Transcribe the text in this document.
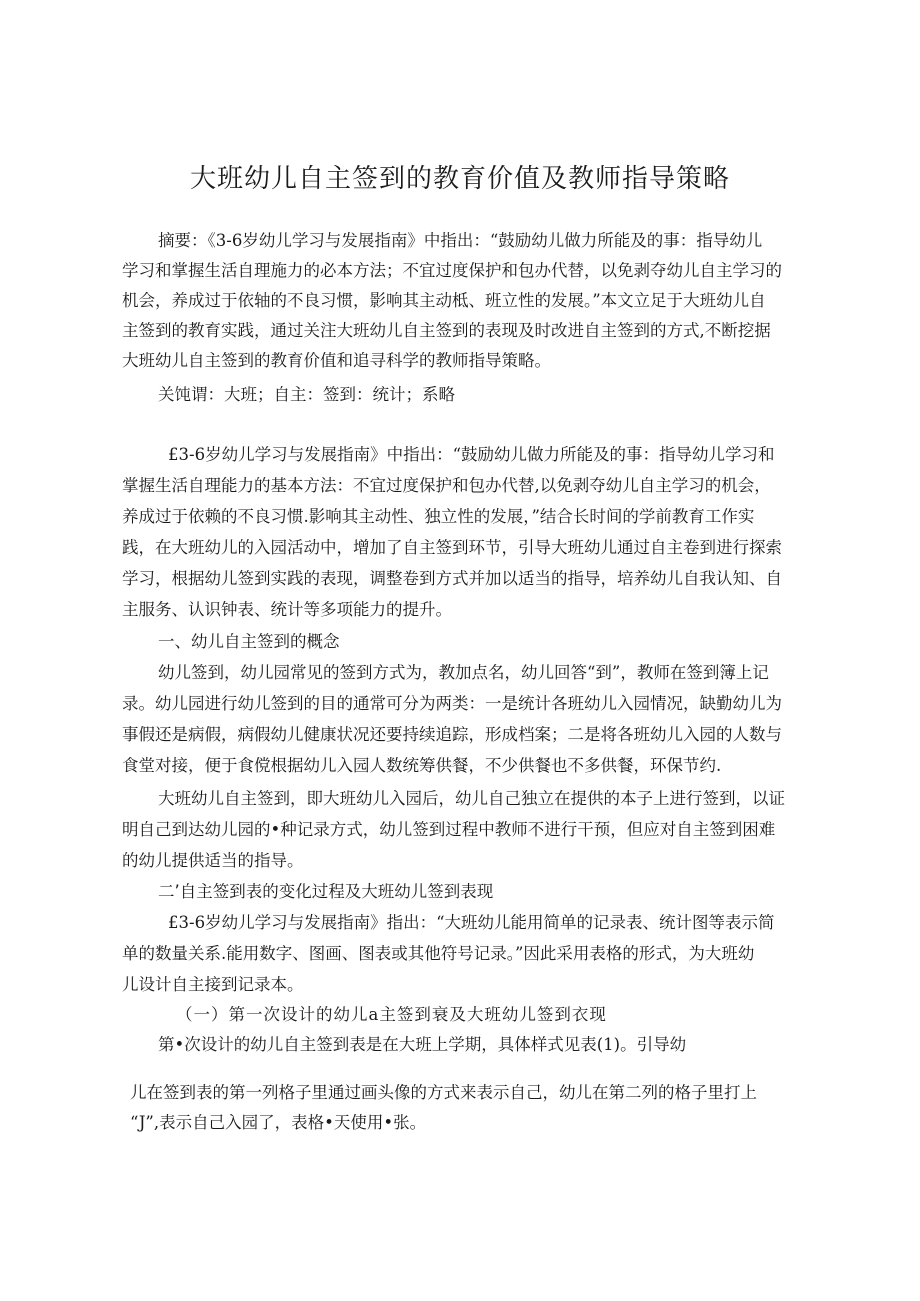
大班幼儿自主签到的教育价值及教师指导策略
摘要：《3-6岁幼儿学习与发展指南》中指出：“鼓励幼儿做力所能及的事：指导幼儿
学习和掌握生活自理施力的必本方法；不宜过度保护和包办代替，以免剥夺幼儿自主学习的
机会，养成过于依轴的不良习惯，影响其主动柢、班立性的发展。”本文立足于大班幼儿自
主签到的教育实践，通过关注大班幼儿自主签到的表现及时改进自主签到的方式,不断挖据
大班幼儿自主签到的教育价值和追寻科学的教师指导策略。
关饨谓：大班；自主：签到：统计；系略
£3-6岁幼儿学习与发展指南》中指出：“鼓励幼儿做力所能及的事：指导幼儿学习和
掌握生活自理能力的基本方法：不宜过度保护和包办代替,以免剥夺幼儿自主学习的机会，
养成过于依赖的不良习惯.影响其主动性、独立性的发展，”结合长时间的学前教育工作实
践，在大班幼儿的入园活动中，增加了自主签到环节，引导大班幼儿通过自主卷到进行探索
学习，根据幼儿签到实践的表现，调整卷到方式并加以适当的指导，培养幼儿自我认知、自
主服务、认识钟表、统计等多项能力的提升。
一、幼儿自主签到的概念
幼儿签到，幼儿园常见的签到方式为，教加点名，幼儿回答“到”，教师在签到簿上记
录。幼儿园进行幼儿签到的目的通常可分为两类：一是统计各班幼儿入园情况，缺勤幼儿为
事假还是病假，病假幼儿健康状况还要持续追踪，形成档案；二是将各班幼儿入园的人数与
食堂对接，便于食傥根据幼儿入园人数统筹供餐，不少供餐也不多供餐，环保节约.
大班幼儿自主签到，即大班幼儿入园后，幼儿自己独立在提供的本子上进行签到，以证
明自己到达幼儿园的•种记录方式，幼儿签到过程中教师不进行干预，但应对自主签到困难
的幼儿提供适当的指导。
二’自主签到表的变化过程及大班幼儿签到表现
£3-6岁幼儿学习与发展指南》指出：“大班幼儿能用简单的记录表、统计图等表示简
单的数量关系.能用数字、图画、图表或其他符号记录。”因此采用表格的形式，为大班幼
儿设计自主接到记录本。
（一）第一次设计的幼儿a主签到衰及大班幼儿签到衣现
第•次设计的幼儿自主签到表是在大班上学期，具体样式见表(1)。引导幼
儿在签到表的第一列格子里通过画头像的方式来表示自己，幼儿在第二列的格子里打上
“J”,表示自己入园了，表格•天使用•张。
